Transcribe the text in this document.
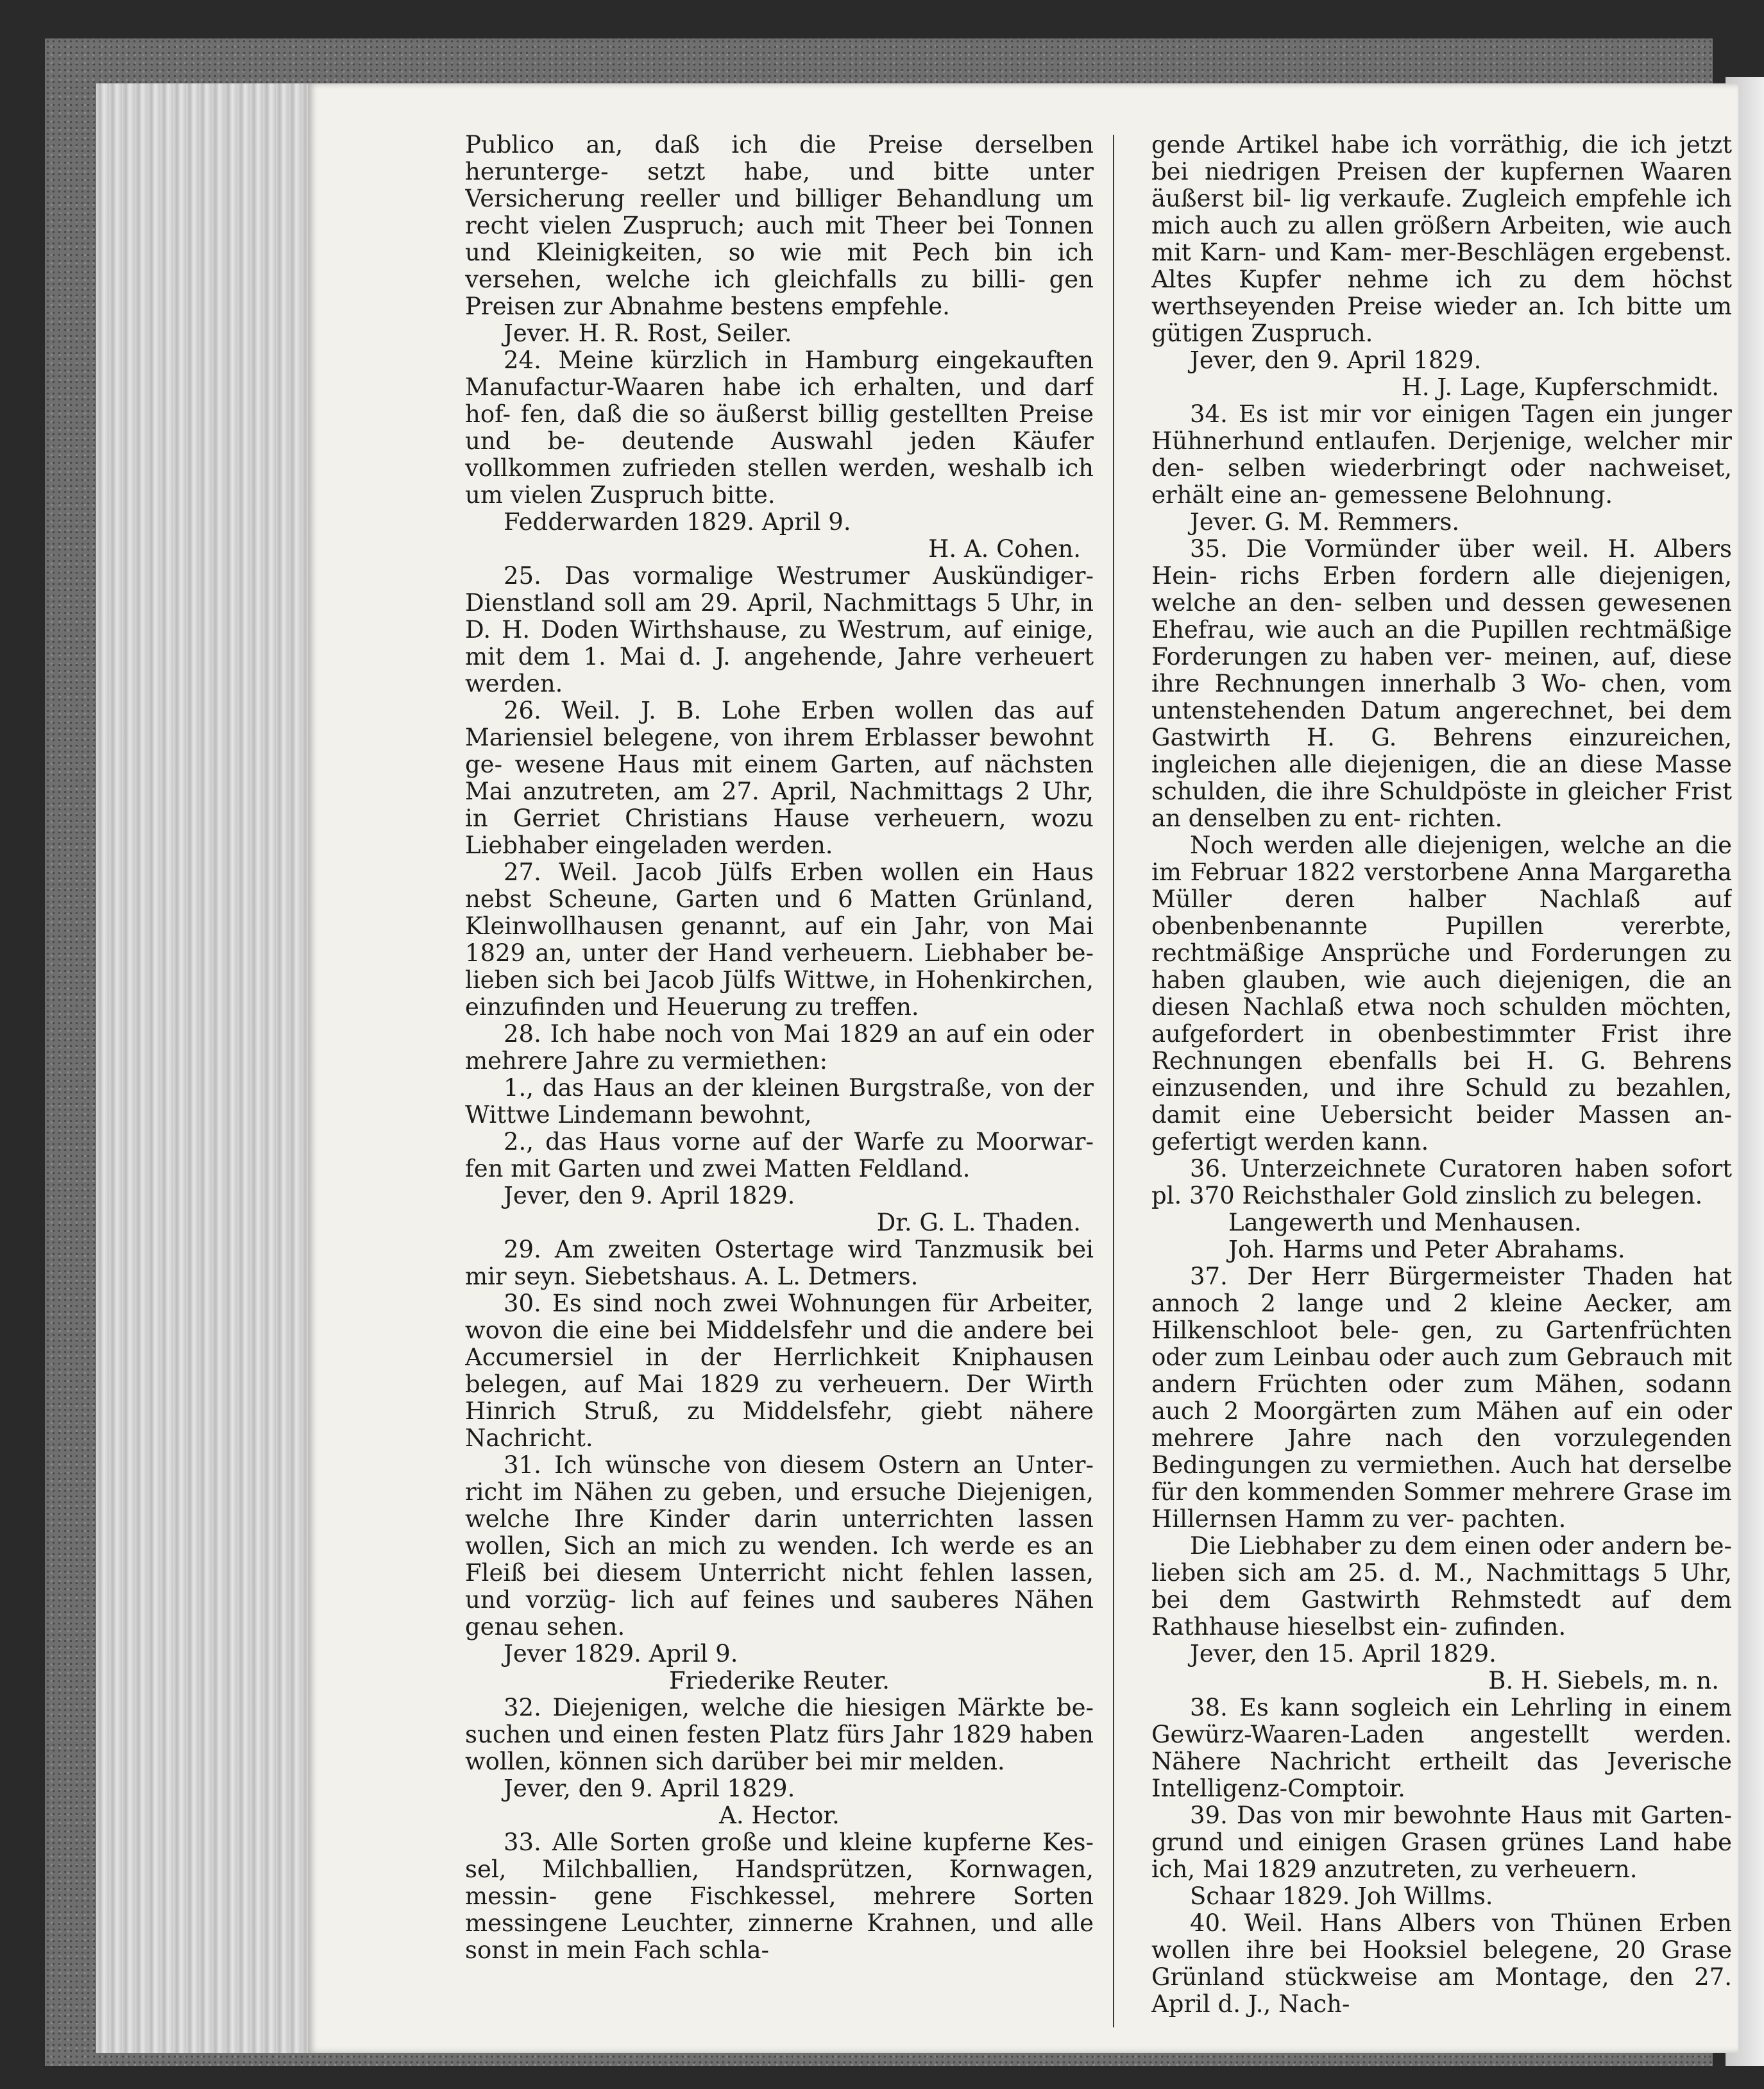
Publico an, daß ich die Preise derselben herunterge- setzt habe, und bitte unter Versicherung reeller und billiger Behandlung um recht vielen Zuspruch; auch mit Theer bei Tonnen und Kleinigkeiten, so wie mit Pech bin ich versehen, welche ich gleichfalls zu billi- gen Preisen zur Abnahme bestens empfehle.

Jever. H. R. Rost, Seiler.

24. Meine kürzlich in Hamburg eingekauften Manufactur-Waaren habe ich erhalten, und darf hof- fen, daß die so äußerst billig gestellten Preise und be- deutende Auswahl jeden Käufer vollkommen zufrieden stellen werden, weshalb ich um vielen Zuspruch bitte.

Fedderwarden 1829. April 9.

H. A. Cohen.

25. Das vormalige Westrumer Auskündiger- Dienstland soll am 29. April, Nachmittags 5 Uhr, in D. H. Doden Wirthshause, zu Westrum, auf einige, mit dem 1. Mai d. J. angehende, Jahre verheuert werden.

26. Weil. J. B. Lohe Erben wollen das auf Mariensiel belegene, von ihrem Erblasser bewohnt ge- wesene Haus mit einem Garten, auf nächsten Mai anzutreten, am 27. April, Nachmittags 2 Uhr, in Gerriet Christians Hause verheuern, wozu Liebhaber eingeladen werden.

27. Weil. Jacob Jülfs Erben wollen ein Haus nebst Scheune, Garten und 6 Matten Grünland, Kleinwollhausen genannt, auf ein Jahr, von Mai 1829 an, unter der Hand verheuern. Liebhaber be- lieben sich bei Jacob Jülfs Wittwe, in Hohenkirchen, einzufinden und Heuerung zu treffen.

28. Ich habe noch von Mai 1829 an auf ein oder mehrere Jahre zu vermiethen:

1., das Haus an der kleinen Burgstraße, von der Wittwe Lindemann bewohnt,

2., das Haus vorne auf der Warfe zu Moorwar- fen mit Garten und zwei Matten Feldland.

Jever, den 9. April 1829.

Dr. G. L. Thaden.

29. Am zweiten Ostertage wird Tanzmusik bei mir seyn. Siebetshaus. A. L. Detmers.

30. Es sind noch zwei Wohnungen für Arbeiter, wovon die eine bei Middelsfehr und die andere bei Accumersiel in der Herrlichkeit Kniphausen belegen, auf Mai 1829 zu verheuern. Der Wirth Hinrich Struß, zu Middelsfehr, giebt nähere Nachricht.

31. Ich wünsche von diesem Ostern an Unter- richt im Nähen zu geben, und ersuche Diejenigen, welche Ihre Kinder darin unterrichten lassen wollen, Sich an mich zu wenden. Ich werde es an Fleiß bei diesem Unterricht nicht fehlen lassen, und vorzüg- lich auf feines und sauberes Nähen genau sehen.

Jever 1829. April 9.

Friederike Reuter.

32. Diejenigen, welche die hiesigen Märkte be- suchen und einen festen Platz fürs Jahr 1829 haben wollen, können sich darüber bei mir melden.

Jever, den 9. April 1829.

A. Hector.

33. Alle Sorten große und kleine kupferne Kes- sel, Milchballien, Handsprützen, Kornwagen, messin- gene Fischkessel, mehrere Sorten messingene Leuchter, zinnerne Krahnen, und alle sonst in mein Fach schla-

gende Artikel habe ich vorräthig, die ich jetzt bei niedrigen Preisen der kupfernen Waaren äußerst bil- lig verkaufe. Zugleich empfehle ich mich auch zu allen größern Arbeiten, wie auch mit Karn- und Kam- mer-Beschlägen ergebenst. Altes Kupfer nehme ich zu dem höchst werthseyenden Preise wieder an. Ich bitte um gütigen Zuspruch.

Jever, den 9. April 1829.

H. J. Lage, Kupferschmidt.

34. Es ist mir vor einigen Tagen ein junger Hühnerhund entlaufen. Derjenige, welcher mir den- selben wiederbringt oder nachweiset, erhält eine an- gemessene Belohnung.

Jever. G. M. Remmers.

35. Die Vormünder über weil. H. Albers Hein- richs Erben fordern alle diejenigen, welche an den- selben und dessen gewesenen Ehefrau, wie auch an die Pupillen rechtmäßige Forderungen zu haben ver- meinen, auf, diese ihre Rechnungen innerhalb 3 Wo- chen, vom untenstehenden Datum angerechnet, bei dem Gastwirth H. G. Behrens einzureichen, ingleichen alle diejenigen, die an diese Masse schulden, die ihre Schuldpöste in gleicher Frist an denselben zu ent- richten.

Noch werden alle diejenigen, welche an die im Februar 1822 verstorbene Anna Margaretha Müller deren halber Nachlaß auf obenbenbenannte Pupillen vererbte, rechtmäßige Ansprüche und Forderungen zu haben glauben, wie auch diejenigen, die an diesen Nachlaß etwa noch schulden möchten, aufgefordert in obenbestimmter Frist ihre Rechnungen ebenfalls bei H. G. Behrens einzusenden, und ihre Schuld zu bezahlen, damit eine Uebersicht beider Massen an- gefertigt werden kann.

36. Unterzeichnete Curatoren haben sofort pl. 370 Reichsthaler Gold zinslich zu belegen.

Langewerth und Menhausen.

Joh. Harms und Peter Abrahams.

37. Der Herr Bürgermeister Thaden hat annoch 2 lange und 2 kleine Aecker, am Hilkenschloot bele- gen, zu Gartenfrüchten oder zum Leinbau oder auch zum Gebrauch mit andern Früchten oder zum Mähen, sodann auch 2 Moorgärten zum Mähen auf ein oder mehrere Jahre nach den vorzulegenden Bedingungen zu vermiethen. Auch hat derselbe für den kommenden Sommer mehrere Grase im Hillernsen Hamm zu ver- pachten.

Die Liebhaber zu dem einen oder andern be- lieben sich am 25. d. M., Nachmittags 5 Uhr, bei dem Gastwirth Rehmstedt auf dem Rathhause hieselbst ein- zufinden.

Jever, den 15. April 1829.

B. H. Siebels, m. n.

38. Es kann sogleich ein Lehrling in einem Gewürz-Waaren-Laden angestellt werden. Nähere Nachricht ertheilt das Jeverische Intelligenz-Comptoir.

39. Das von mir bewohnte Haus mit Garten- grund und einigen Grasen grünes Land habe ich, Mai 1829 anzutreten, zu verheuern.

Schaar 1829. Joh Willms.

40. Weil. Hans Albers von Thünen Erben wollen ihre bei Hooksiel belegene, 20 Grase Grünland stückweise am Montage, den 27. April d. J., Nach-
